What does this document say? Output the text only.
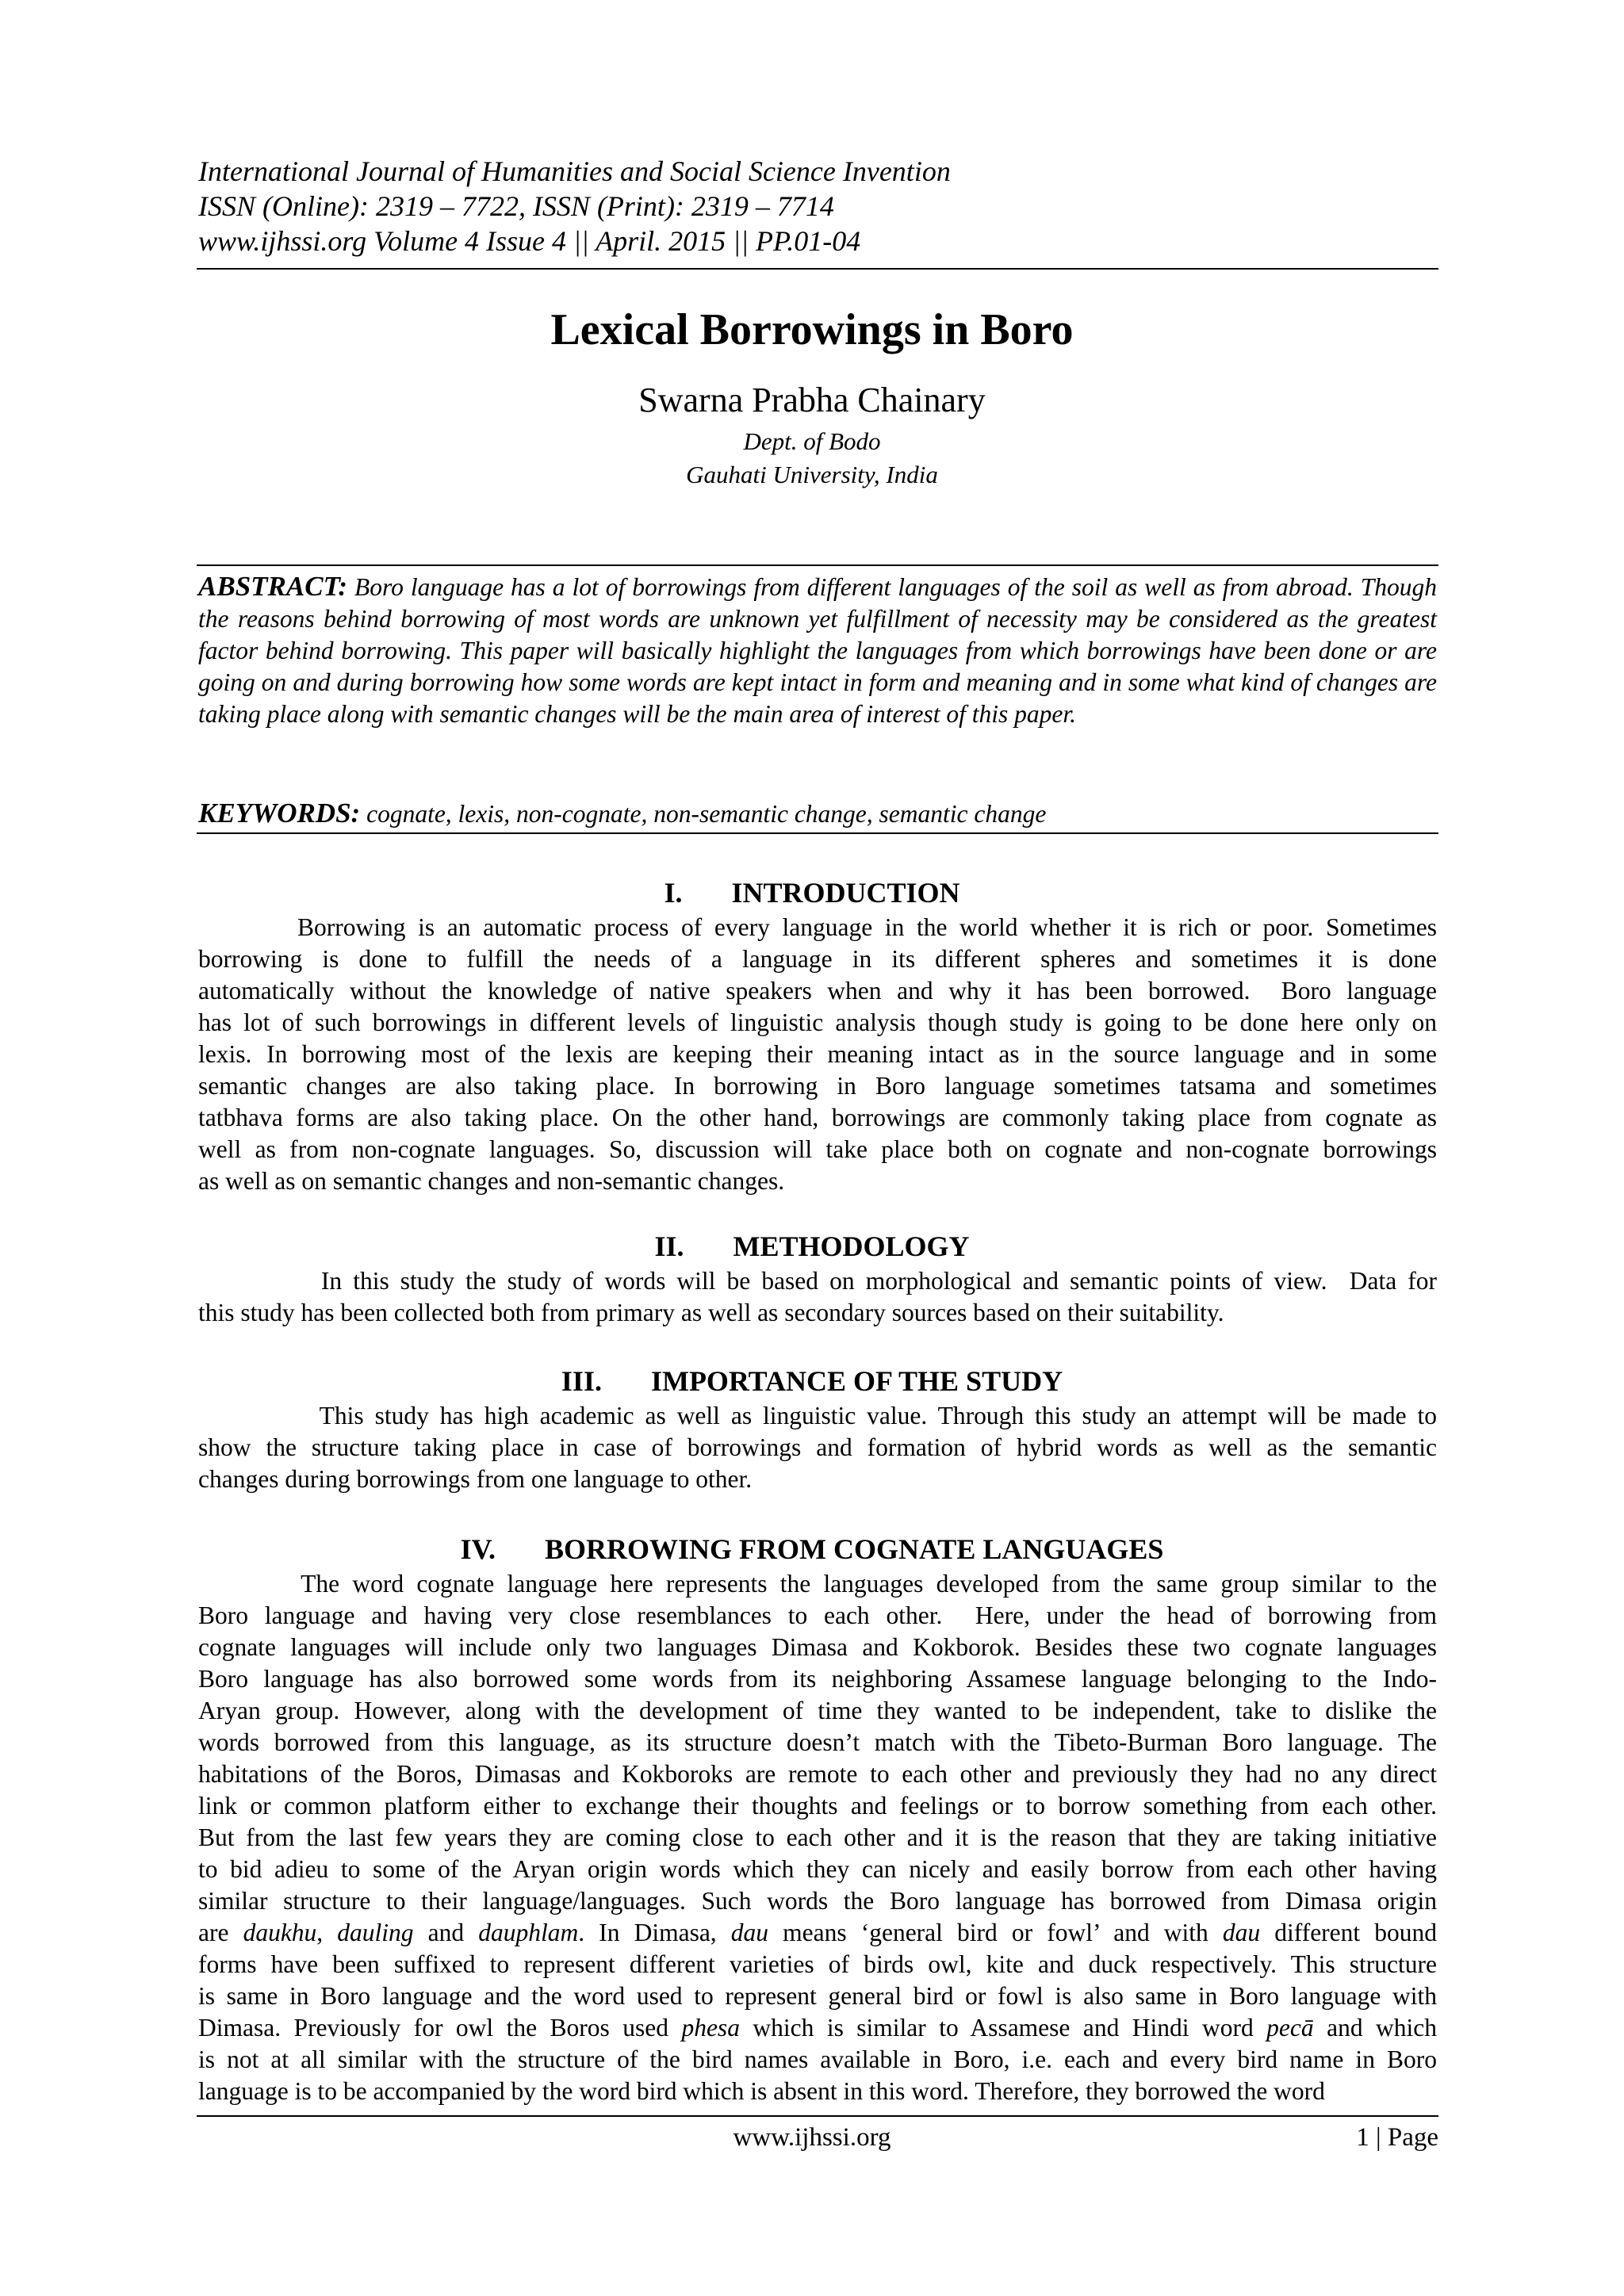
International Journal of Humanities and Social Science Invention
ISSN (Online): 2319 – 7722, ISSN (Print): 2319 – 7714
www.ijhssi.org Volume 4 Issue 4 || April. 2015 || PP.01-04
Lexical Borrowings in Boro
Swarna Prabha Chainary
Dept. of Bodo
Gauhati University, India
ABSTRACT: Boro language has a lot of borrowings from different languages of the soil as well as from abroad. Though the reasons behind borrowing of most words are unknown yet fulfillment of necessity may be considered as the greatest factor behind borrowing. This paper will basically highlight the languages from which borrowings have been done or are going on and during borrowing how some words are kept intact in form and meaning and in some what kind of changes are taking place along with semantic changes will be the main area of interest of this paper.
KEYWORDS: cognate, lexis, non-cognate, non-semantic change, semantic change
I. INTRODUCTION
Borrowing is an automatic process of every language in the world whether it is rich or poor. Sometimes
borrowing is done to fulfill the needs of a language in its different spheres and sometimes it is done
automatically without the knowledge of native speakers when and why it has been borrowed.  Boro language
has lot of such borrowings in different levels of linguistic analysis though study is going to be done here only on
lexis. In borrowing most of the lexis are keeping their meaning intact as in the source language and in some
semantic changes are also taking place. In borrowing in Boro language sometimes tatsama and sometimes
tatbhava forms are also taking place. On the other hand, borrowings are commonly taking place from cognate as
well as from non-cognate languages. So, discussion will take place both on cognate and non-cognate borrowings
as well as on semantic changes and non-semantic changes.
II. METHODOLOGY
In this study the study of words will be based on morphological and semantic points of view.  Data for
this study has been collected both from primary as well as secondary sources based on their suitability.
III. IMPORTANCE OF THE STUDY
This study has high academic as well as linguistic value. Through this study an attempt will be made to
show the structure taking place in case of borrowings and formation of hybrid words as well as the semantic
changes during borrowings from one language to other.
IV. BORROWING FROM COGNATE LANGUAGES
The word cognate language here represents the languages developed from the same group similar to the
Boro language and having very close resemblances to each other.  Here, under the head of borrowing from
cognate languages will include only two languages Dimasa and Kokborok. Besides these two cognate languages
Boro language has also borrowed some words from its neighboring Assamese language belonging to the Indo-
Aryan group. However, along with the development of time they wanted to be independent, take to dislike the
words borrowed from this language, as its structure doesn’t match with the Tibeto-Burman Boro language. The
habitations of the Boros, Dimasas and Kokboroks are remote to each other and previously they had no any direct
link or common platform either to exchange their thoughts and feelings or to borrow something from each other.
But from the last few years they are coming close to each other and it is the reason that they are taking initiative
to bid adieu to some of the Aryan origin words which they can nicely and easily borrow from each other having
similar structure to their language/languages. Such words the Boro language has borrowed from Dimasa origin
are daukhu, dauling and dauphlam. In Dimasa, dau means ‘general bird or fowl’ and with dau different bound
forms have been suffixed to represent different varieties of birds owl, kite and duck respectively. This structure
is same in Boro language and the word used to represent general bird or fowl is also same in Boro language with
Dimasa. Previously for owl the Boros used phesa which is similar to Assamese and Hindi word pecā and which
is not at all similar with the structure of the bird names available in Boro, i.e. each and every bird name in Boro
language is to be accompanied by the word bird which is absent in this word. Therefore, they borrowed the word
www.ijhssi.org	1 | Page
